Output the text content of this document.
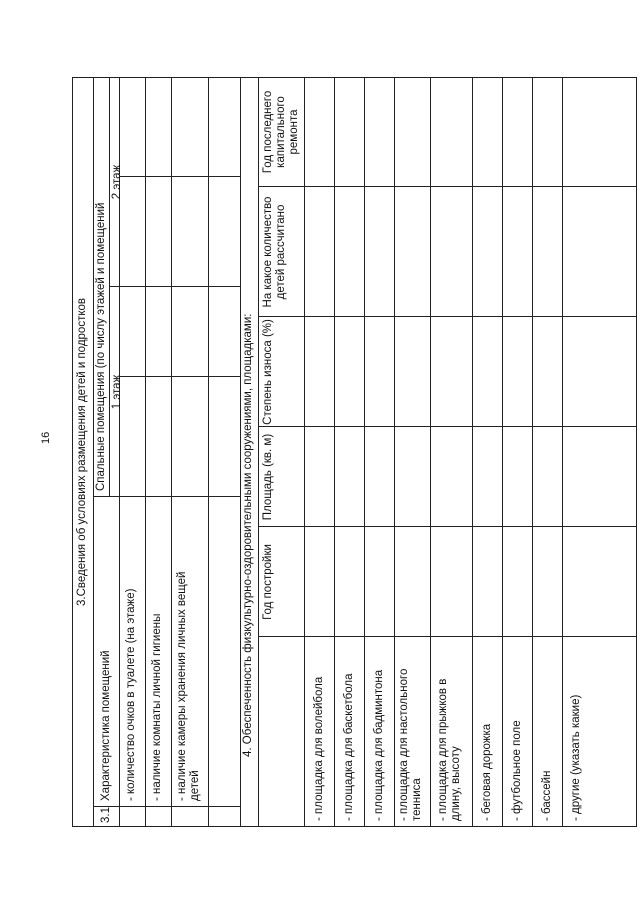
16 3.Сведения об условиях размещения детей и подростков
3.1
Характеристика помещений
Спальные помещения (по числу этажей и помещений 1 этаж
2 этаж
- количество очков в туалете (на этаже) - наличие комнаты личной гигиены - наличие камеры хранения личных вещей детей
4. Обеспеченность физкультурно-оздоровительными сооружениями, площадками: Год постройки
Площадь (кв. м)
Степень износа (%)
На какое количество детей рассчитано
Год последнего капитального ремонта
- площадка для волейбола - площадка для баскетбола - площадка для бадминтона - площадка для настольного тенниса - площадка для прыжков в длину, высоту - беговая дорожка - футбольное поле - бассейн - другие (указать какие)
